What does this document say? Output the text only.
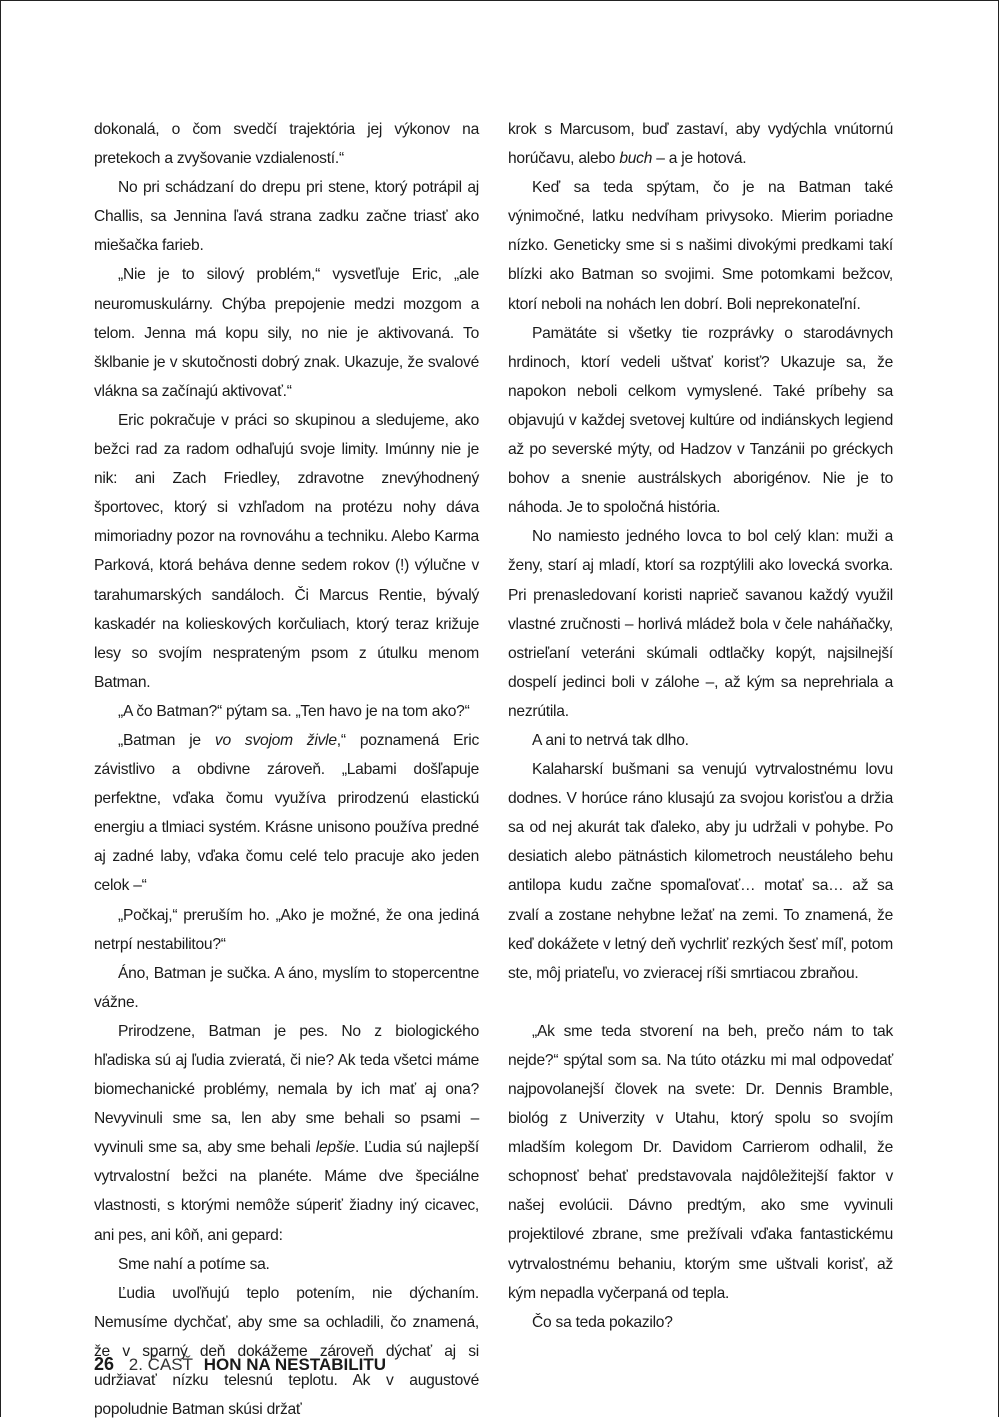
dokonalá, o čom svedčí trajektória jej výkonov na pretekoch a zvyšovanie vzdialeností.“

No pri schádzaní do drepu pri stene, ktorý potrápil aj Challis, sa Jennina ľavá strana zadku začne triasť ako miešačka farieb.

„Nie je to silový problém,“ vysvetľuje Eric, „ale neuromuskulárny. Chýba prepojenie medzi mozgom a telom. Jenna má kopu sily, no nie je aktivovaná. To šklbanie je v skutočnosti dobrý znak. Ukazuje, že svalové vlákna sa začínajú aktivovať.“

Eric pokračuje v práci so skupinou a sledujeme, ako bežci rad za radom odhaľujú svoje limity. Imúnny nie je nik: ani Zach Friedley, zdravotne znevýhodnený športovec, ktorý si vzhľadom na protézu nohy dáva mimoriadny pozor na rovnováhu a techniku. Alebo Karma Parková, ktorá beháva denne sedem rokov (!) výlučne v tarahumarských sandáloch. Či Marcus Rentie, bývalý kaskadér na kolieskových korčuliach, ktorý teraz križuje lesy so svojím nesprateným psom z útulku menom Batman.

„A čo Batman?“ pýtam sa. „Ten havo je na tom ako?“

„Batman je vo svojom živle,“ poznamená Eric závistlivo a obdivne zároveň. „Labami došľapuje perfektne, vďaka čomu využíva prirodzenú elastickú energiu a tlmiaci systém. Krásne unisono používa predné aj zadné laby, vďaka čomu celé telo pracuje ako jeden celok –“

„Počkaj,“ preruším ho. „Ako je možné, že ona jediná netrpí nestabilitou?“

Áno, Batman je sučka. A áno, myslím to stopercentne vážne.

Prirodzene, Batman je pes. No z biologického hľadiska sú aj ľudia zvieratá, či nie? Ak teda všetci máme biomechanické problémy, nemala by ich mať aj ona? Nevyvinuli sme sa, len aby sme behali so psami – vyvinuli sme sa, aby sme behali lepšie. Ľudia sú najlepší vytrvalostní bežci na planéte. Máme dve špeciálne vlastnosti, s ktorými nemôže súperiť žiadny iný cicavec, ani pes, ani kôň, ani gepard:

Sme nahí a potíme sa.

Ľudia uvoľňujú teplo potením, nie dýchaním. Nemusíme dychčať, aby sme sa ochladili, čo znamená, že v sparný deň dokážeme zároveň dýchať aj si udržiavať nízku telesnú teplotu. Ak v augustové popoludnie Batman skúsi držať

krok s Marcusom, buď zastaví, aby vydýchla vnútornú horúčavu, alebo buch – a je hotová.

Keď sa teda spýtam, čo je na Batman také výnimočné, latku nedvíham privysoko. Mierim poriadne nízko. Geneticky sme si s našimi divokými predkami takí blízki ako Batman so svojimi. Sme potomkami bežcov, ktorí neboli na nohách len dobrí. Boli neprekonateľní.

Pamätáte si všetky tie rozprávky o starodávnych hrdinoch, ktorí vedeli uštvať korisť? Ukazuje sa, že napokon neboli celkom vymyslené. Také príbehy sa objavujú v každej svetovej kultúre od indiánskych legiend až po severské mýty, od Hadzov v Tanzánii po gréckych bohov a snenie austrálskych aborigénov. Nie je to náhoda. Je to spoločná história.

No namiesto jedného lovca to bol celý klan: muži a ženy, starí aj mladí, ktorí sa rozptýlili ako lovecká svorka. Pri prenasledovaní koristi naprieč savanou každý využil vlastné zručnosti – horlivá mládež bola v čele naháňačky, ostrieľaní veteráni skúmali odtlačky kopýt, najsilnejší dospelí jedinci boli v zálohe –, až kým sa neprehriala a nezrútila.

A ani to netrvá tak dlho.

Kalaharskí bušmani sa venujú vytrvalostnému lovu dodnes. V horúce ráno klusajú za svojou korisťou a držia sa od nej akurát tak ďaleko, aby ju udržali v pohybe. Po desiatich alebo pätnástich kilometroch neustáleho behu antilopa kudu začne spomaľovať… motať sa… až sa zvalí a zostane nehybne ležať na zemi. To znamená, že keď dokážete v letný deň vychrliť rezkých šesť míľ, potom ste, môj priateľu, vo zvieracej ríši smrtiacou zbraňou.

„Ak sme teda stvorení na beh, prečo nám to tak nejde?“ spýtal som sa. Na túto otázku mi mal odpovedať najpovolanejší človek na svete: Dr. Dennis Bramble, biológ z Univerzity v Utahu, ktorý spolu so svojím mladším kolegom Dr. Davidom Carrierom odhalil, že schopnosť behať predstavovala najdôležitejší faktor v našej evolúcii. Dávno predtým, ako sme vyvinuli projektilové zbrane, sme prežívali vďaka fantastickému vytrvalostnému behaniu, ktorým sme uštvali korisť, až kým nepadla vyčerpaná od tepla.

Čo sa teda pokazilo?

26 2. ČASŤ HON NA NESTABILITU
